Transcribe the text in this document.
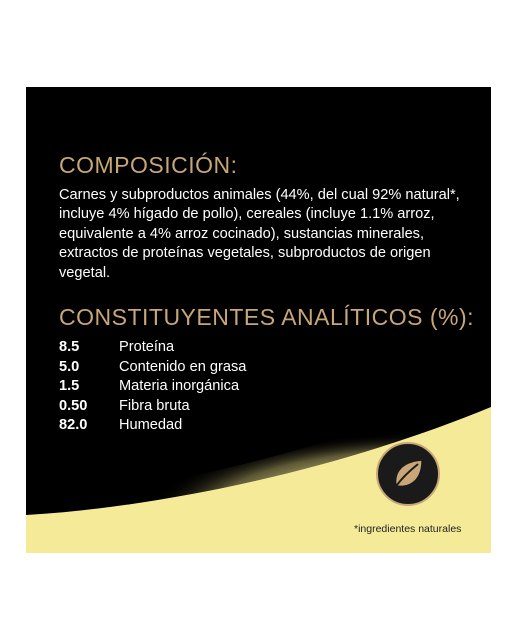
COMPOSICIÓN:

Carnes y subproductos animales (44%, del cual 92% natural*, incluye 4% hígado de pollo), cereales (incluye 1.1% arroz, equivalente a 4% arroz cocinado), sustancias minerales, extractos de proteínas vegetales, subproductos de origen vegetal.

CONSTITUYENTES ANALÍTICOS (%):
8.5	Proteína
5.0	Contenido en grasa
1.5	Materia inorgánica
0.50	Fibra bruta
82.0	Humedad
*ingredientes naturales
